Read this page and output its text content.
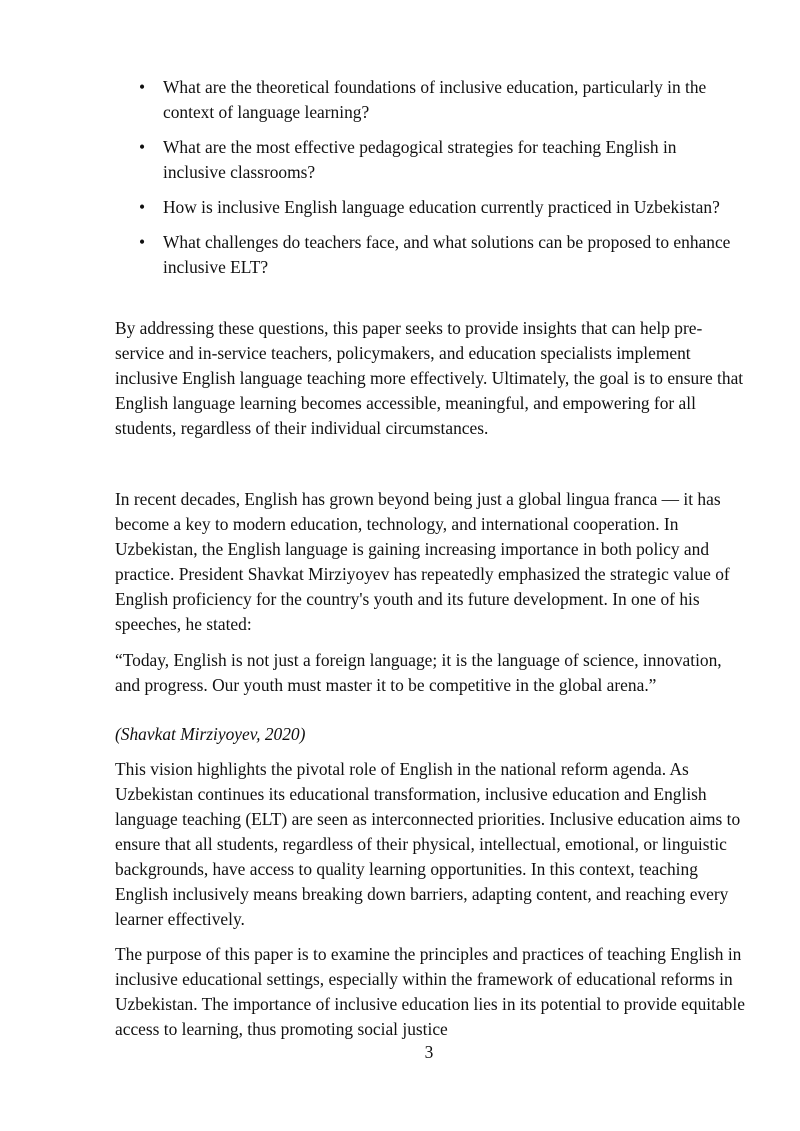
• What are the theoretical foundations of inclusive education, particularly in the context of language learning?
• What are the most effective pedagogical strategies for teaching English in inclusive classrooms?
• How is inclusive English language education currently practiced in Uzbekistan?
• What challenges do teachers face, and what solutions can be proposed to enhance inclusive ELT?

By addressing these questions, this paper seeks to provide insights that can help pre-service and in-service teachers, policymakers, and education specialists implement inclusive English language teaching more effectively. Ultimately, the goal is to ensure that English language learning becomes accessible, meaningful, and empowering for all students, regardless of their individual circumstances.

In recent decades, English has grown beyond being just a global lingua franca — it has become a key to modern education, technology, and international cooperation. In Uzbekistan, the English language is gaining increasing importance in both policy and practice. President Shavkat Mirziyoyev has repeatedly emphasized the strategic value of English proficiency for the country's youth and its future development. In one of his speeches, he stated:

“Today, English is not just a foreign language; it is the language of science, innovation, and progress. Our youth must master it to be competitive in the global arena.”

(Shavkat Mirziyoyev, 2020)

This vision highlights the pivotal role of English in the national reform agenda. As Uzbekistan continues its educational transformation, inclusive education and English language teaching (ELT) are seen as interconnected priorities. Inclusive education aims to ensure that all students, regardless of their physical, intellectual, emotional, or linguistic backgrounds, have access to quality learning opportunities. In this context, teaching English inclusively means breaking down barriers, adapting content, and reaching every learner effectively.

The purpose of this paper is to examine the principles and practices of teaching English in inclusive educational settings, especially within the framework of educational reforms in Uzbekistan. The importance of inclusive education lies in its potential to provide equitable access to learning, thus promoting social justice

3
